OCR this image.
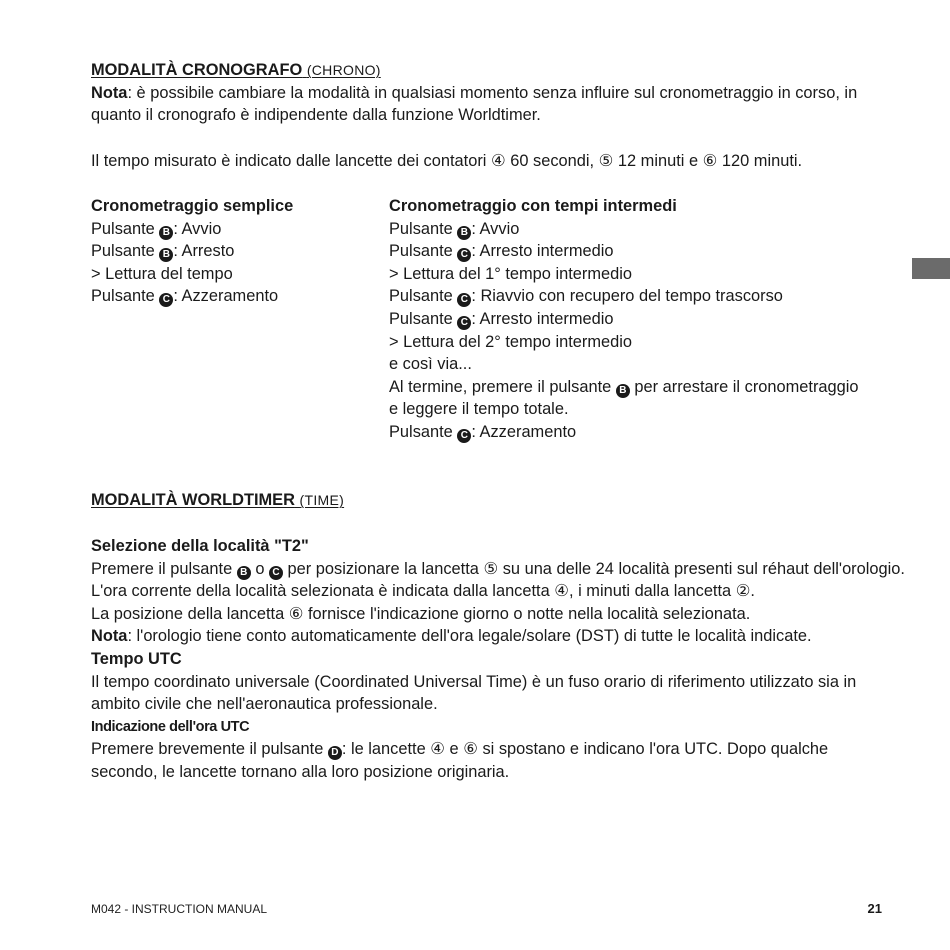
MODALITÀ CRONOGRAFO (CHRONO)

Nota: è possibile cambiare la modalità in qualsiasi momento senza influire sul cronometraggio in corso, in quanto il cronografo è indipendente dalla funzione Worldtimer.

Il tempo misurato è indicato dalle lancette dei contatori ④ 60 secondi, ⑤ 12 minuti e ⑥ 120 minuti.
Cronometraggio semplice
Pulsante B : Avvio
Pulsante B : Arresto
> Lettura del tempo
Pulsante C : Azzeramento
Cronometraggio con tempi intermedi
Pulsante B : Avvio
Pulsante C : Arresto intermedio
> Lettura del 1° tempo intermedio
Pulsante C : Riavvio con recupero del tempo trascorso
Pulsante C : Arresto intermedio
> Lettura del 2° tempo intermedio
e così via...
Al termine, premere il pulsante B per arrestare il cronometraggio
e leggere il tempo totale.
Pulsante C : Azzeramento
MODALITÀ WORLDTIMER (TIME)
Selezione della località "T2"
Premere il pulsante B o C per posizionare la lancetta ⑤ su una delle 24 località presenti sul réhaut dell'orologio.
L'ora corrente della località selezionata è indicata dalla lancetta ④, i minuti dalla lancetta ②.
La posizione della lancetta ⑥ fornisce l'indicazione giorno o notte nella località selezionata.
Nota: l'orologio tiene conto automaticamente dell'ora legale/solare (DST) di tutte le località indicate.
Tempo UTC
Il tempo coordinato universale (Coordinated Universal Time) è un fuso orario di riferimento utilizzato sia in ambito civile che nell'aeronautica professionale.
Indicazione dell'ora UTC
Premere brevemente il pulsante D : le lancette ④ e ⑥ si spostano e indicano l'ora UTC. Dopo qualche secondo, le lancette tornano alla loro posizione originaria.
M042 - INSTRUCTION MANUAL	21
